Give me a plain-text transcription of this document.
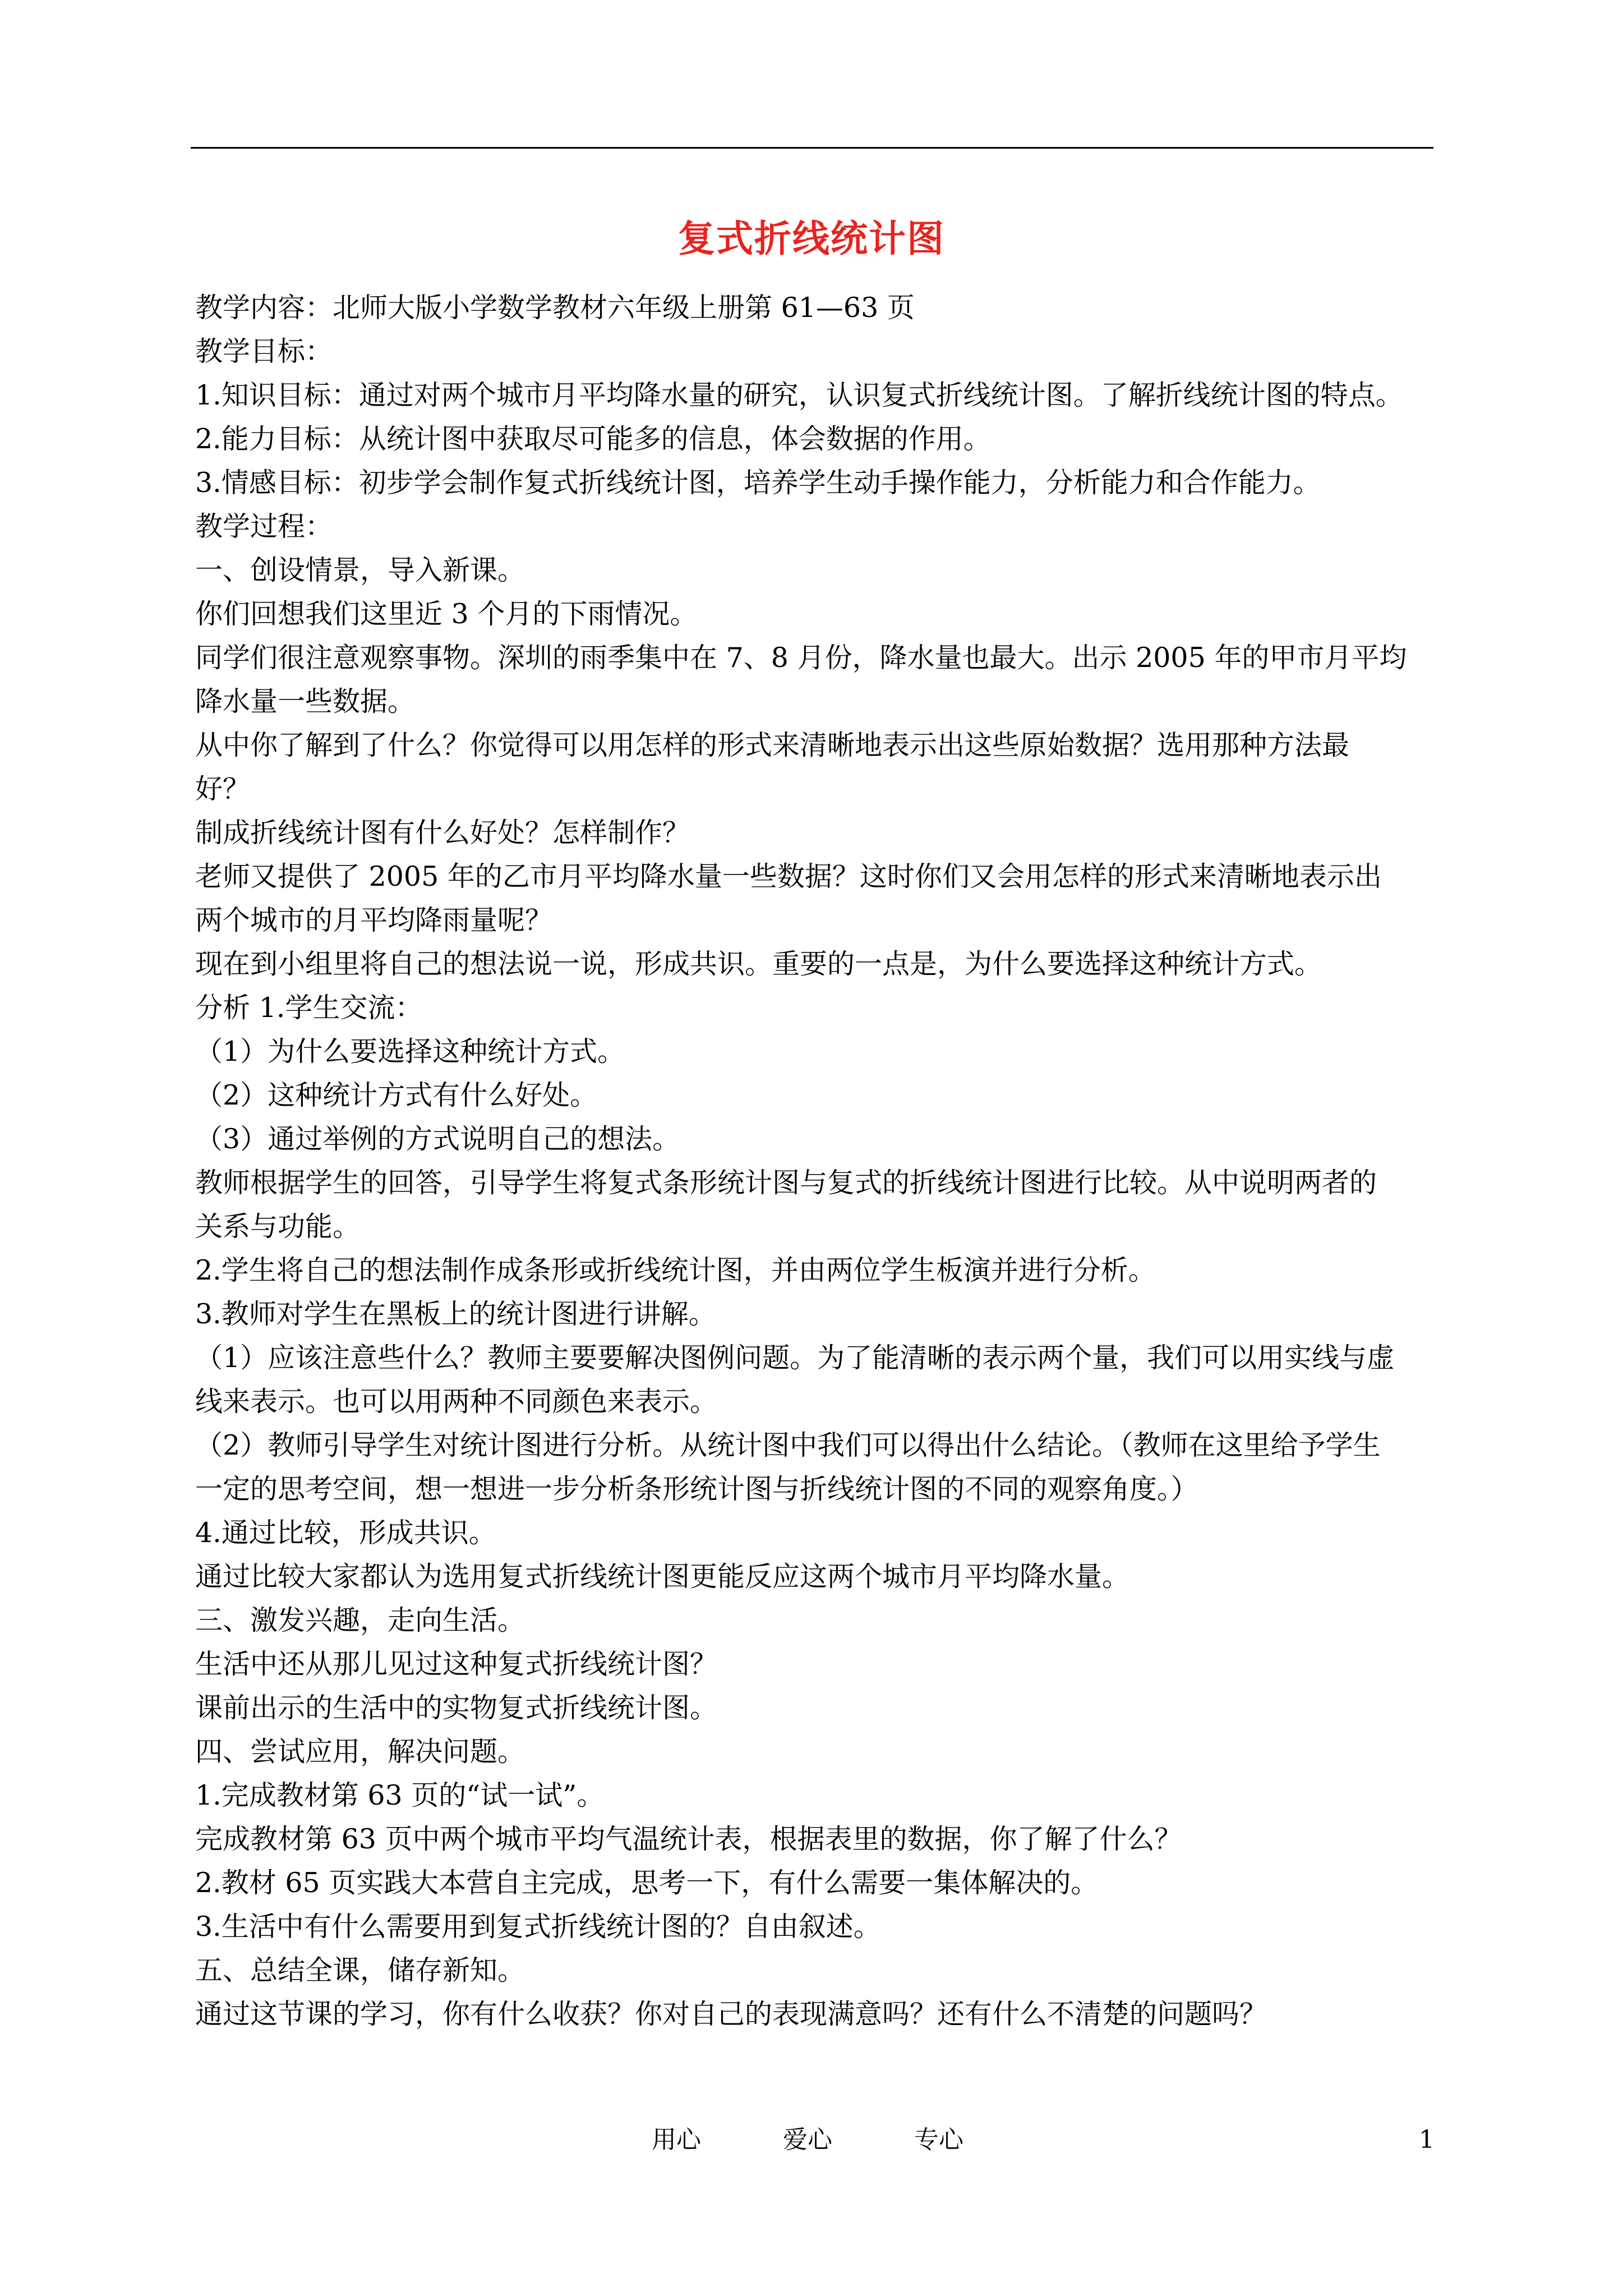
复式折线统计图
教学内容：北师大版小学数学教材六年级上册第 61—63 页
教学目标：
1.知识目标：通过对两个城市月平均降水量的研究，认识复式折线统计图。了解折线统计图的特点。
2.能力目标：从统计图中获取尽可能多的信息，体会数据的作用。
3.情感目标：初步学会制作复式折线统计图，培养学生动手操作能力，分析能力和合作能力。
教学过程：
一、创设情景，导入新课。
你们回想我们这里近 3 个月的下雨情况。
同学们很注意观察事物。深圳的雨季集中在 7、8 月份，降水量也最大。出示 2005 年的甲市月平均
降水量一些数据。
从中你了解到了什么？你觉得可以用怎样的形式来清晰地表示出这些原始数据？选用那种方法最
好？
制成折线统计图有什么好处？怎样制作？
老师又提供了 2005 年的乙市月平均降水量一些数据？这时你们又会用怎样的形式来清晰地表示出
两个城市的月平均降雨量呢？
现在到小组里将自己的想法说一说，形成共识。重要的一点是，为什么要选择这种统计方式。
分析 1.学生交流：
（1）为什么要选择这种统计方式。
（2）这种统计方式有什么好处。
（3）通过举例的方式说明自己的想法。
教师根据学生的回答，引导学生将复式条形统计图与复式的折线统计图进行比较。从中说明两者的
关系与功能。
2.学生将自己的想法制作成条形或折线统计图，并由两位学生板演并进行分析。
3.教师对学生在黑板上的统计图进行讲解。
（1）应该注意些什么？教师主要要解决图例问题。为了能清晰的表示两个量，我们可以用实线与虚
线来表示。也可以用两种不同颜色来表示。
（2）教师引导学生对统计图进行分析。从统计图中我们可以得出什么结论。（教师在这里给予学生
一定的思考空间，想一想进一步分析条形统计图与折线统计图的不同的观察角度。）
4.通过比较，形成共识。
通过比较大家都认为选用复式折线统计图更能反应这两个城市月平均降水量。
三、激发兴趣，走向生活。
生活中还从那儿见过这种复式折线统计图？
课前出示的生活中的实物复式折线统计图。
四、尝试应用，解决问题。
1.完成教材第 63 页的“试一试”。
完成教材第 63 页中两个城市平均气温统计表，根据表里的数据，你了解了什么？
2.教材 65 页实践大本营自主完成，思考一下，有什么需要一集体解决的。
3.生活中有什么需要用到复式折线统计图的？自由叙述。
五、总结全课，储存新知。
通过这节课的学习，你有什么收获？你对自己的表现满意吗？还有什么不清楚的问题吗？
用心	爱心	专心	1
